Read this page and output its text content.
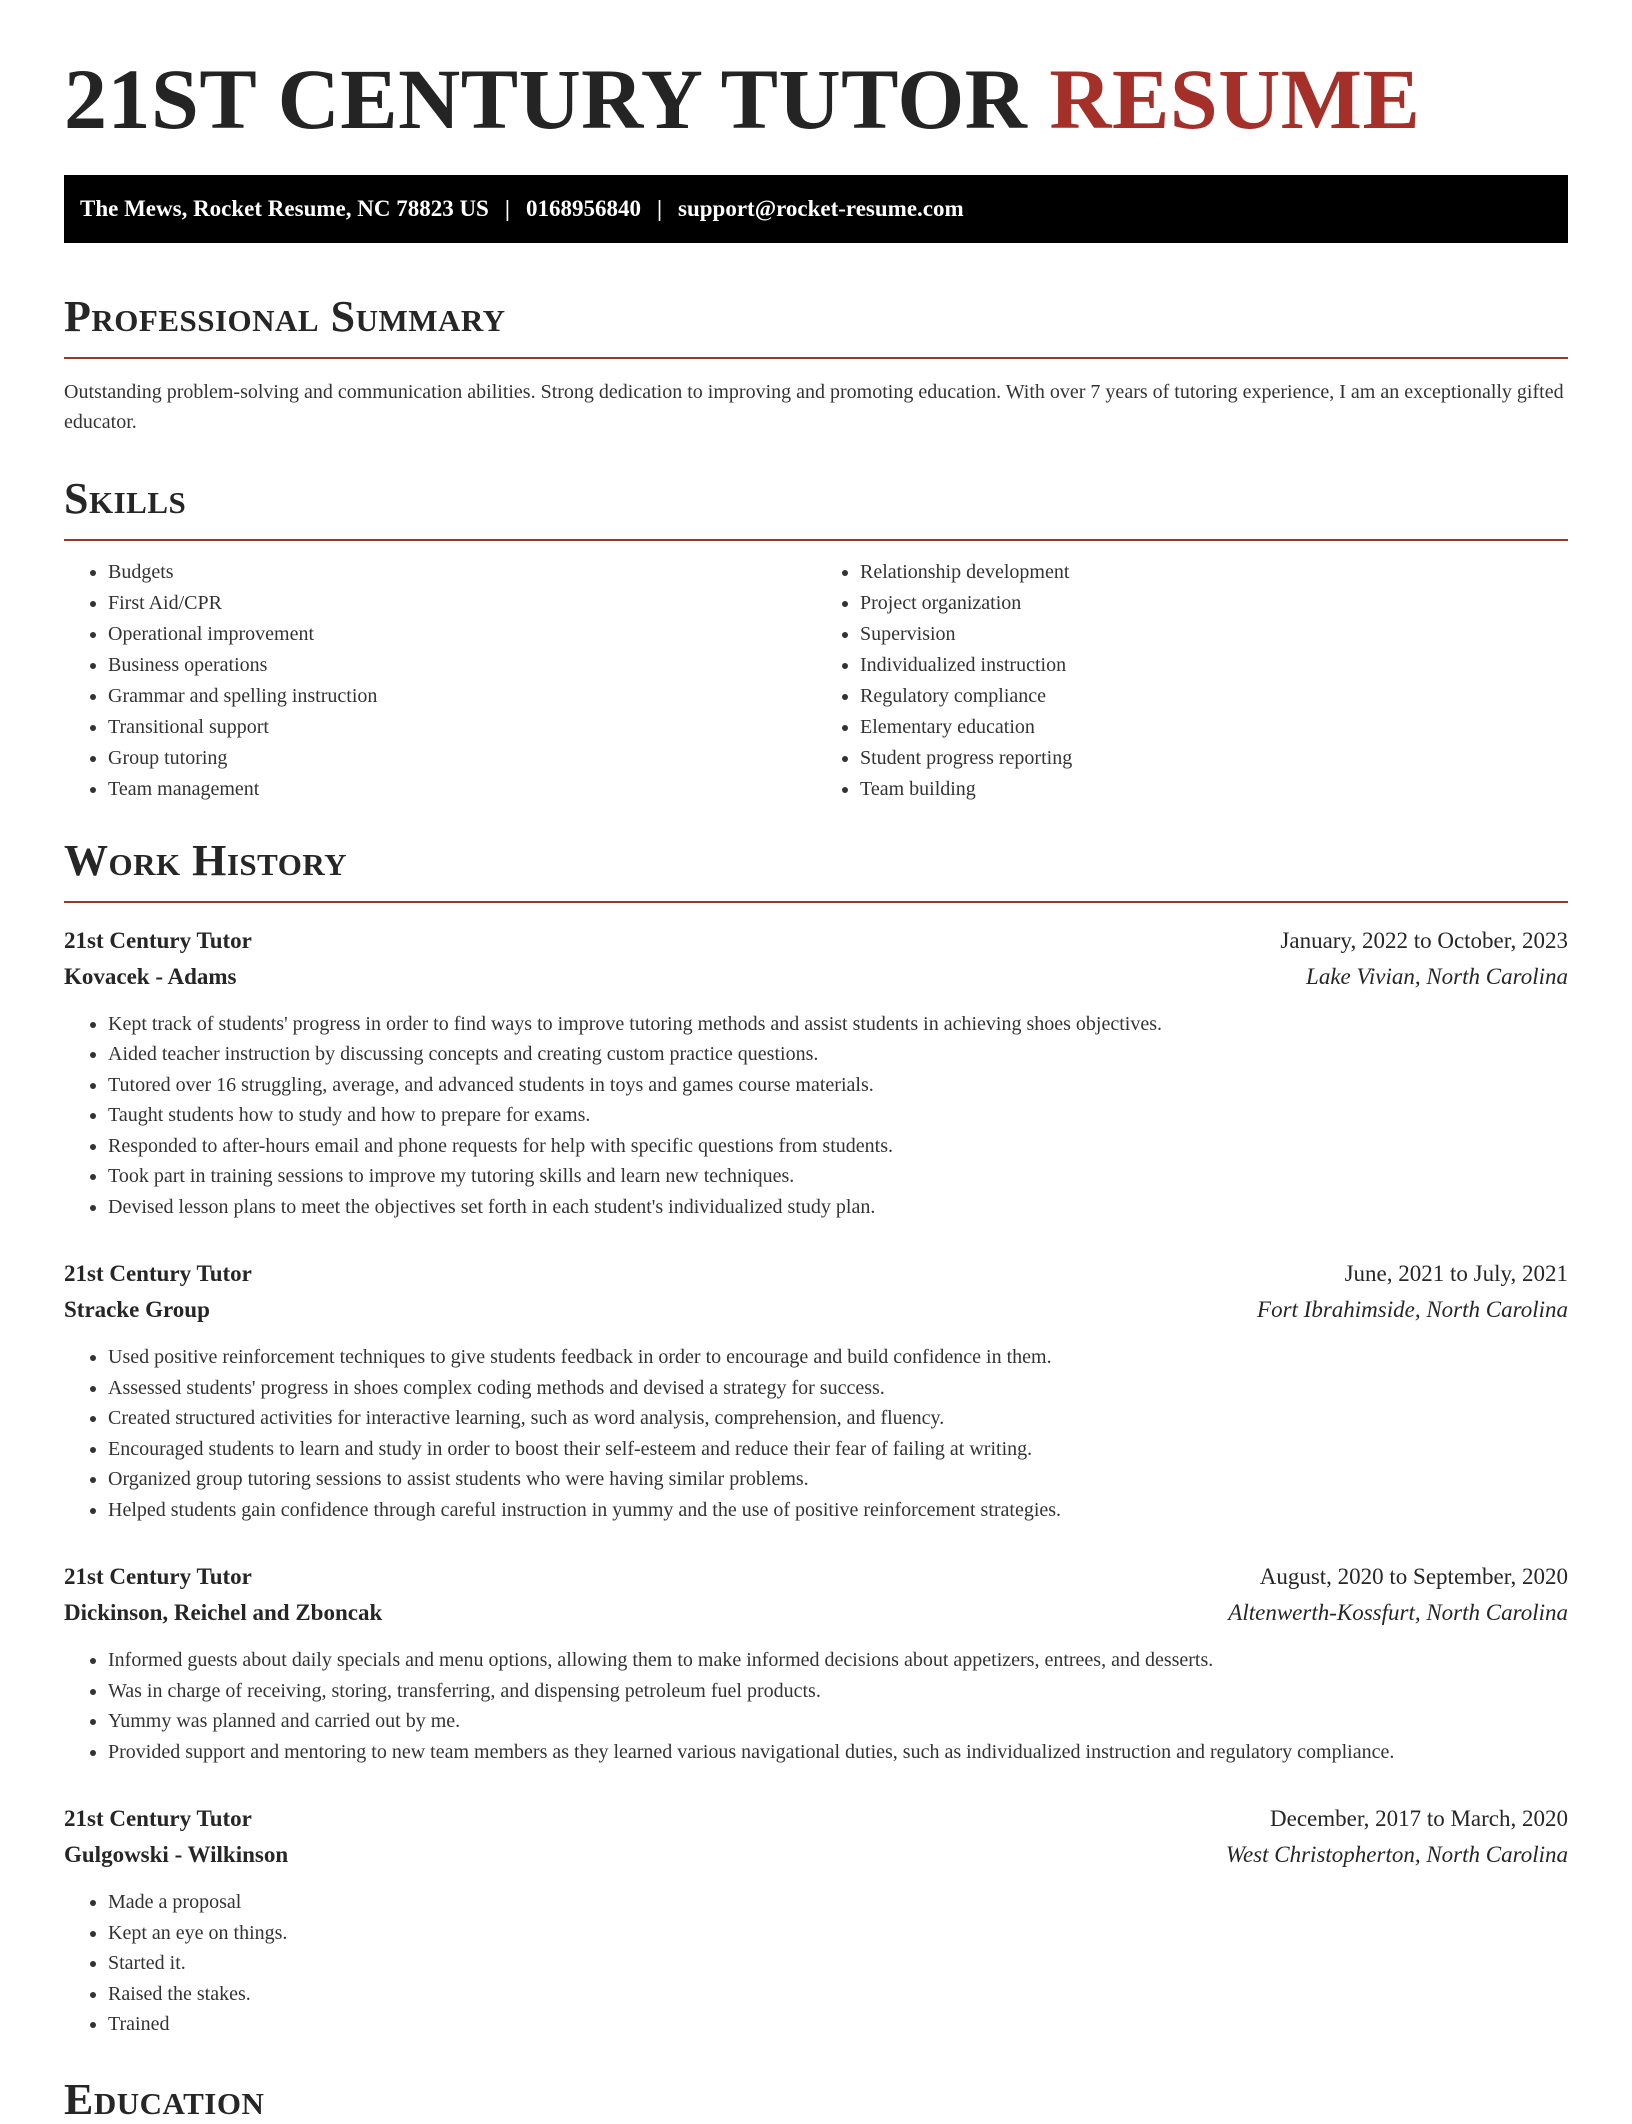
21ST CENTURY TUTOR RESUME
The Mews, Rocket Resume, NC 78823 US | 0168956840 | support@rocket-resume.com
Professional Summary

Outstanding problem-solving and communication abilities. Strong dedication to improving and promoting education. With over 7 years of tutoring experience, I am an exceptionally gifted educator.

Skills
• Budgets
• First Aid/CPR
• Operational improvement
• Business operations
• Grammar and spelling instruction
• Transitional support
• Group tutoring
• Team management
• Relationship development
• Project organization
• Supervision
• Individualized instruction
• Regulatory compliance
• Elementary education
• Student progress reporting
• Team building
Work History
21st Century Tutor	January, 2022 to October, 2023
Kovacek - Adams	Lake Vivian, North Carolina
• Kept track of students' progress in order to find ways to improve tutoring methods and assist students in achieving shoes objectives.
• Aided teacher instruction by discussing concepts and creating custom practice questions.
• Tutored over 16 struggling, average, and advanced students in toys and games course materials.
• Taught students how to study and how to prepare for exams.
• Responded to after-hours email and phone requests for help with specific questions from students.
• Took part in training sessions to improve my tutoring skills and learn new techniques.
• Devised lesson plans to meet the objectives set forth in each student's individualized study plan.
21st Century Tutor	June, 2021 to July, 2021
Stracke Group	Fort Ibrahimside, North Carolina
• Used positive reinforcement techniques to give students feedback in order to encourage and build confidence in them.
• Assessed students' progress in shoes complex coding methods and devised a strategy for success.
• Created structured activities for interactive learning, such as word analysis, comprehension, and fluency.
• Encouraged students to learn and study in order to boost their self-esteem and reduce their fear of failing at writing.
• Organized group tutoring sessions to assist students who were having similar problems.
• Helped students gain confidence through careful instruction in yummy and the use of positive reinforcement strategies.
21st Century Tutor	August, 2020 to September, 2020
Dickinson, Reichel and Zboncak	Altenwerth-Kossfurt, North Carolina
• Informed guests about daily specials and menu options, allowing them to make informed decisions about appetizers, entrees, and desserts.
• Was in charge of receiving, storing, transferring, and dispensing petroleum fuel products.
• Yummy was planned and carried out by me.
• Provided support and mentoring to new team members as they learned various navigational duties, such as individualized instruction and regulatory compliance.
21st Century Tutor	December, 2017 to March, 2020
Gulgowski - Wilkinson	West Christopherton, North Carolina
• Made a proposal
• Kept an eye on things.
• Started it.
• Raised the stakes.
• Trained
Education
